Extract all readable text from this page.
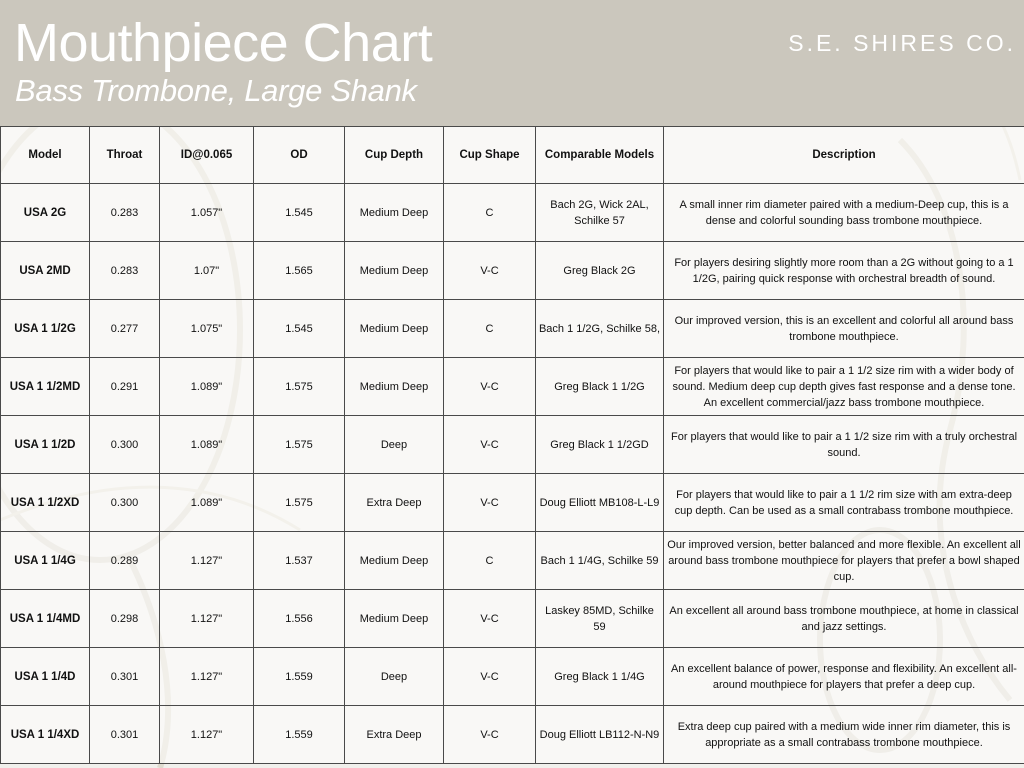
Mouthpiece Chart
Bass Trombone, Large Shank
S.E. SHIRES CO.
Model	Throat	ID@0.065	OD	Cup Depth	Cup Shape	Comparable Models	Description
USA 2G	0.283	1.057"	1.545	Medium Deep	C	Bach 2G, Wick 2AL, Schilke 57	A small inner rim diameter paired with a medium-Deep cup, this is a dense and colorful sounding bass trombone mouthpiece.
USA 2MD	0.283	1.07"	1.565	Medium Deep	V-C	Greg Black 2G	For players desiring slightly more room than a 2G without going to a 1 1/2G, pairing quick response with orchestral breadth of sound.
USA 1 1/2G	0.277	1.075"	1.545	Medium Deep	C	Bach 1 1/2G, Schilke 58,	Our improved version, this is an excellent and colorful all around bass trombone mouthpiece.
USA 1 1/2MD	0.291	1.089"	1.575	Medium Deep	V-C	Greg Black 1 1/2G	For players that would like to pair a 1 1/2 size rim with a wider body of sound. Medium deep cup depth gives fast response and a dense tone. An excellent commercial/jazz bass trombone mouthpiece.
USA 1 1/2D	0.300	1.089"	1.575	Deep	V-C	Greg Black 1 1/2GD	For players that would like to pair a 1 1/2 size rim with a truly orchestral sound.
USA 1 1/2XD	0.300	1.089"	1.575	Extra Deep	V-C	Doug Elliott MB108-L-L9	For players that would like to pair a 1 1/2 rim size with am extra-deep cup depth. Can be used as a small contrabass trombone mouthpiece.
USA 1 1/4G	0.289	1.127"	1.537	Medium Deep	C	Bach 1 1/4G, Schilke 59	Our improved version, better balanced and more flexible. An excellent all around bass trombone mouthpiece for players that prefer a bowl shaped cup.
USA 1 1/4MD	0.298	1.127"	1.556	Medium Deep	V-C	Laskey 85MD, Schilke 59	An excellent all around bass trombone mouthpiece, at home in classical and jazz settings.
USA 1 1/4D	0.301	1.127"	1.559	Deep	V-C	Greg Black 1 1/4G	An excellent balance of power, response and flexibility. An excellent all-around mouthpiece for players that prefer a deep cup.
USA 1 1/4XD	0.301	1.127"	1.559	Extra Deep	V-C	Doug Elliott LB112-N-N9	Extra deep cup paired with a medium wide inner rim diameter, this is appropriate as a small contrabass trombone mouthpiece.
